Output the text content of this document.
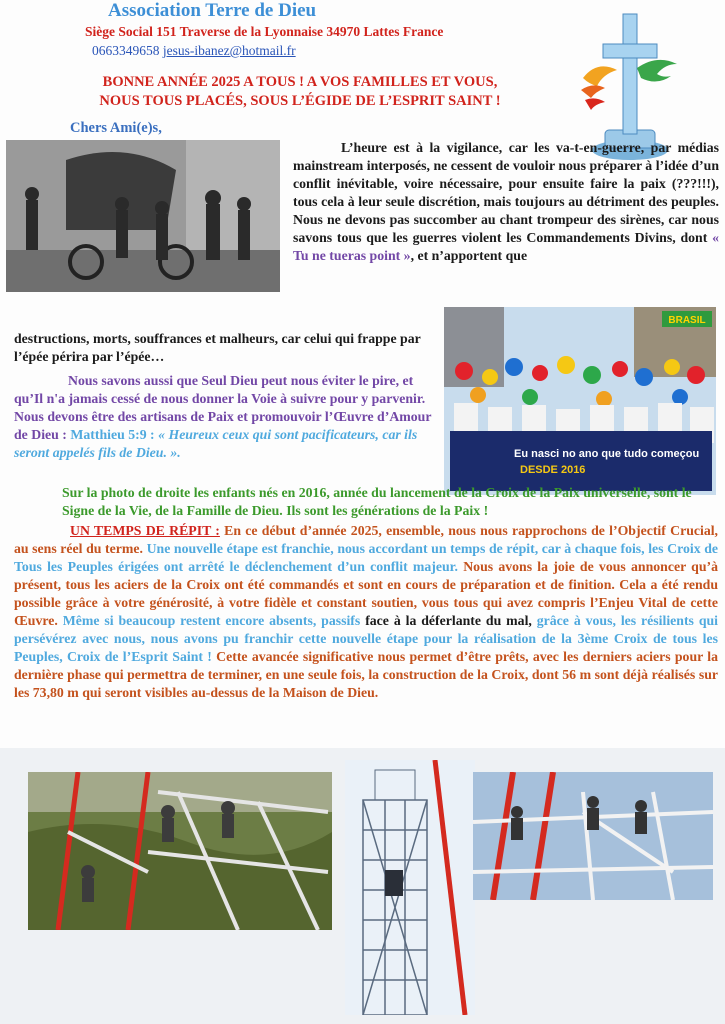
Association Terre de Dieu
Siège Social 151 Traverse de la Lyonnaise 34970 Lattes France
0663349658 jesus-ibanez@hotmail.fr
BONNE ANNÉE 2025 A TOUS ! A VOS FAMILLES ET VOUS,
NOUS TOUS PLACÉS, SOUS L’ÉGIDE DE L’ESPRIT SAINT !
Chers Ami(e)s,
L’heure est à la vigilance, car les va-t-en-guerre, par médias mainstream interposés, ne cessent de vouloir nous préparer à l’idée d’un conflit inévitable, voire nécessaire, pour ensuite faire la paix (???!!!), tous cela à leur seule discrétion, mais toujours au détriment des peuples. Nous ne devons pas succomber au chant trompeur des sirènes, car nous savons tous que les guerres violent les Commandements Divins, dont « Tu ne tueras point », et n’apportent que
destructions, morts, souffrances et malheurs, car celui qui frappe par l’épée périra par l’épée…
BRASIL
Eu nasci no ano que tudo começou
DESDE 2016
Nous savons aussi que Seul Dieu peut nous éviter le pire, et qu’Il n'a jamais cessé de nous donner la Voie à suivre pour y parvenir. Nous devons être des artisans de Paix et promouvoir l’Œuvre d’Amour de Dieu : Matthieu 5:9 : « Heureux ceux qui sont pacificateurs, car ils seront appelés fils de Dieu. ».
Sur la photo de droite les enfants nés en 2016, année du lancement de la Croix de la Paix universelle, sont le Signe de la Vie, de la Famille de Dieu. Ils sont les générations de la Paix !
UN TEMPS DE RÉPIT : En ce début d’année 2025, ensemble, nous nous rapprochons de l’Objectif Crucial, au sens réel du terme. Une nouvelle étape est franchie, nous accordant un temps de répit, car à chaque fois, les Croix de Tous les Peuples érigées ont arrêté le déclenchement d’un conflit majeur. Nous avons la joie de vous annoncer qu’à présent, tous les aciers de la Croix ont été commandés et sont en cours de préparation et de finition. Cela a été rendu possible grâce à votre générosité, à votre fidèle et constant soutien, vous tous qui avez compris l’Enjeu Vital de cette Œuvre. Même si beaucoup restent encore absents, passifs face à la déferlante du mal, grâce à vous, les résilients qui persévérez avec nous, nous avons pu franchir cette nouvelle étape pour la réalisation de la 3ème Croix de tous les Peuples, Croix de l’Esprit Saint ! Cette avancée significative nous permet d’être prêts, avec les derniers aciers pour la dernière phase qui permettra de terminer, en une seule fois, la construction de la Croix, dont 56 m sont déjà réalisés sur les 73,80 m qui seront visibles au-dessus de la Maison de Dieu.
